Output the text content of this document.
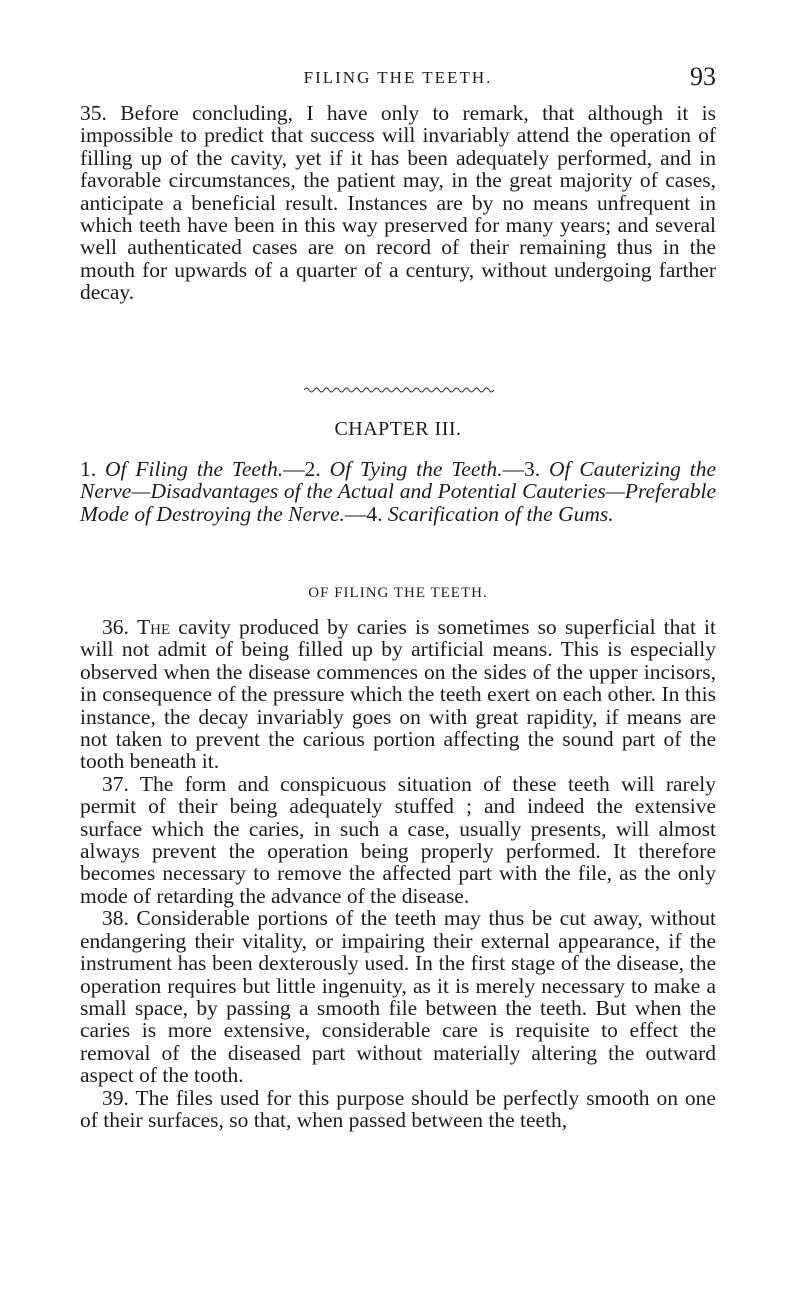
FILING THE TEETH.	93

35. Before concluding, I have only to remark, that although it is impossible to predict that success will invariably attend the operation of filling up of the cavity, yet if it has been adequately performed, and in favorable circumstances, the patient may, in the great majority of cases, anticipate a beneficial result. Instances are by no means unfrequent in which teeth have been in this way preserved for many years; and several well authenticated cases are on record of their remaining thus in the mouth for upwards of a quarter of a century, without undergoing farther decay.

CHAPTER III.

1. Of Filing the Teeth.—2. Of Tying the Teeth.—3. Of Cauterizing the Nerve—Disadvantages of the Actual and Potential Cauteries—Preferable Mode of Destroying the Nerve.—4. Scarification of the Gums.

OF FILING THE TEETH.

36. The cavity produced by caries is sometimes so superficial that it will not admit of being filled up by artificial means. This is especially observed when the disease commences on the sides of the upper incisors, in consequence of the pressure which the teeth exert on each other. In this instance, the decay invariably goes on with great rapidity, if means are not taken to prevent the carious portion affecting the sound part of the tooth beneath it.

37. The form and conspicuous situation of these teeth will rarely permit of their being adequately stuffed ; and indeed the extensive surface which the caries, in such a case, usually presents, will almost always prevent the operation being properly performed. It therefore becomes necessary to remove the affected part with the file, as the only mode of retarding the advance of the disease.

38. Considerable portions of the teeth may thus be cut away, without endangering their vitality, or impairing their external appearance, if the instrument has been dexterously used. In the first stage of the disease, the operation requires but little ingenuity, as it is merely necessary to make a small space, by passing a smooth file between the teeth. But when the caries is more extensive, considerable care is requisite to effect the removal of the diseased part without materially altering the outward aspect of the tooth.

39. The files used for this purpose should be perfectly smooth on one of their surfaces, so that, when passed between the teeth,
